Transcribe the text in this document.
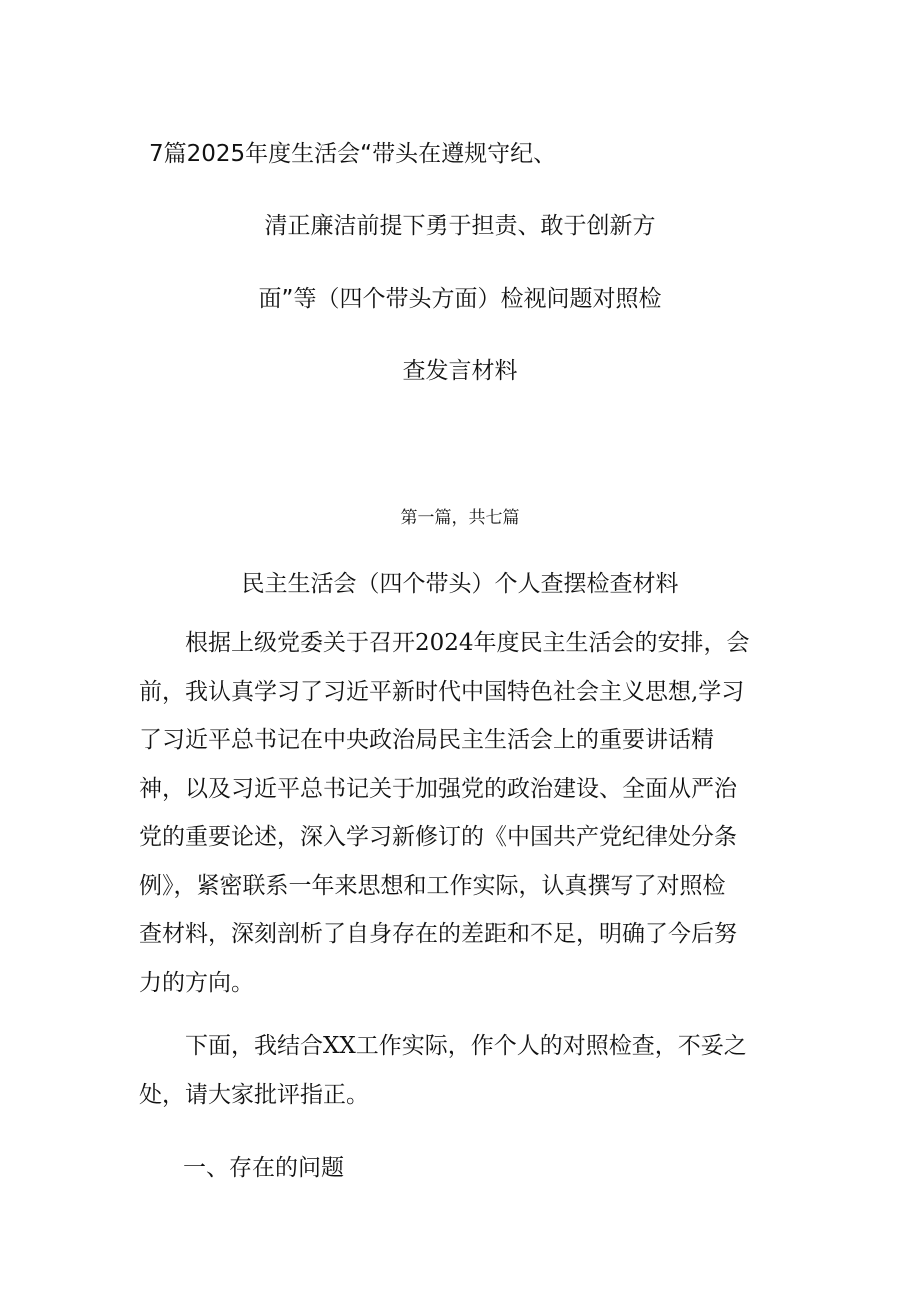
7篇2025年度生活会“带头在遵规守纪、
清正廉洁前提下勇于担责、敢于创新方
面”等（四个带头方面）检视问题对照检
查发言材料
第一篇，共七篇
民主生活会（四个带头）个人查摆检查材料
根据上级党委关于召开2024年度民主生活会的安排，会
前，我认真学习了习近平新时代中国特色社会主义思想,学习
了习近平总书记在中央政治局民主生活会上的重要讲话精
神，以及习近平总书记关于加强党的政治建设、全面从严治
党的重要论述，深入学习新修订的《中国共产党纪律处分条
例》，紧密联系一年来思想和工作实际，认真撰写了对照检
查材料，深刻剖析了自身存在的差距和不足，明确了今后努
力的方向。
下面，我结合XX工作实际，作个人的对照检查，不妥之
处，请大家批评指正。
一、存在的问题
